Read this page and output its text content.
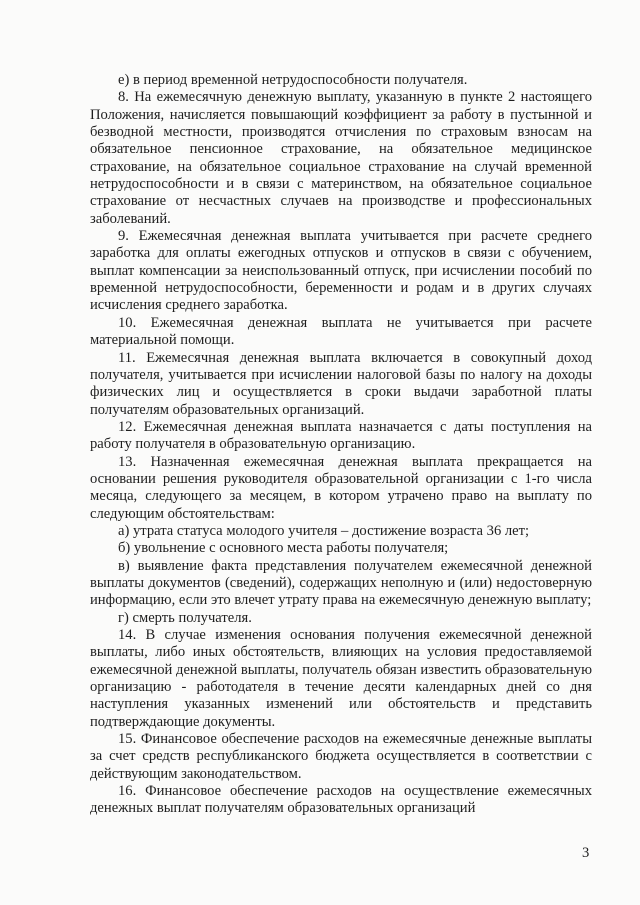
е) в период временной нетрудоспособности получателя.

8. На ежемесячную денежную выплату, указанную в пункте 2 настоящего Положения, начисляется повышающий коэффициент за работу в пустынной и безводной местности, производятся отчисления по страховым взносам на обязательное пенсионное страхование, на обязательное медицинское страхование, на обязательное социальное страхование на случай временной нетрудоспособности и в связи с материнством, на обязательное социальное страхование от несчастных случаев на производстве и профессиональных заболеваний.

9. Ежемесячная денежная выплата учитывается при расчете среднего заработка для оплаты ежегодных отпусков и отпусков в связи с обучением, выплат компенсации за неиспользованный отпуск, при исчислении пособий по временной нетрудоспособности, беременности и родам и в других случаях исчисления среднего заработка.

10. Ежемесячная денежная выплата не учитывается при расчете материальной помощи.

11. Ежемесячная денежная выплата включается в совокупный доход получателя, учитывается при исчислении налоговой базы по налогу на доходы физических лиц и осуществляется в сроки выдачи заработной платы получателям образовательных организаций.

12. Ежемесячная денежная выплата назначается с даты поступления на работу получателя в образовательную организацию.

13. Назначенная ежемесячная денежная выплата прекращается на основании решения руководителя образовательной организации с 1-го числа месяца, следующего за месяцем, в котором утрачено право на выплату по следующим обстоятельствам:

а) утрата статуса молодого учителя – достижение возраста 36 лет;

б) увольнение с основного места работы получателя;

в) выявление факта представления получателем ежемесячной денежной выплаты документов (сведений), содержащих неполную и (или) недостоверную информацию, если это влечет утрату права на ежемесячную денежную выплату;

г) смерть получателя.

14. В случае изменения основания получения ежемесячной денежной выплаты, либо иных обстоятельств, влияющих на условия предоставляемой ежемесячной денежной выплаты, получатель обязан известить образовательную организацию - работодателя в течение десяти календарных дней со дня наступления указанных изменений или обстоятельств и представить подтверждающие документы.

15. Финансовое обеспечение расходов на ежемесячные денежные выплаты за счет средств республиканского бюджета осуществляется в соответствии с действующим законодательством.

16. Финансовое обеспечение расходов на осуществление ежемесячных денежных выплат получателям образовательных организаций

3
